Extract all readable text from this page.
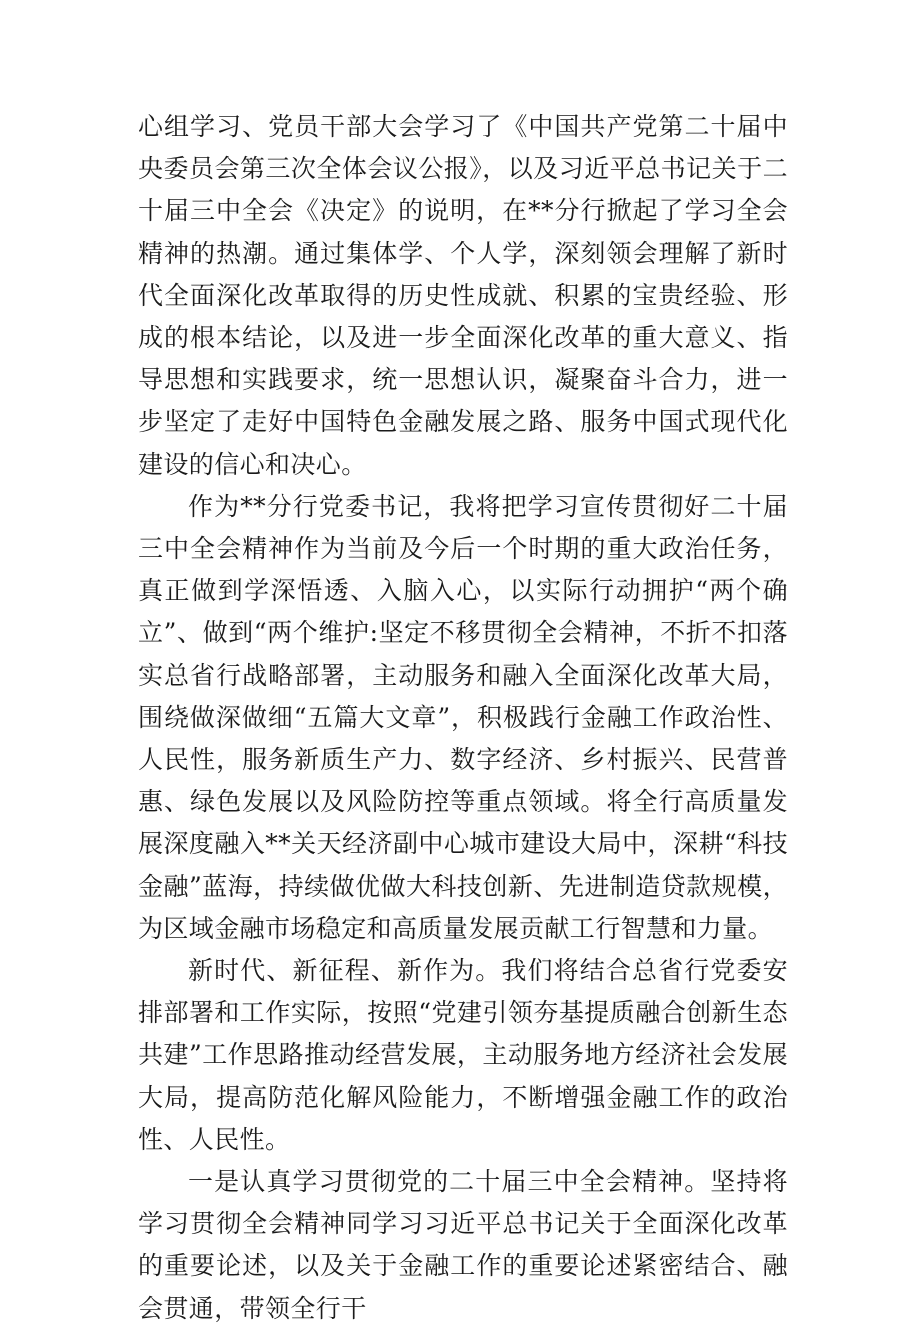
心组学习、党员干部大会学习了《中国共产党第二十届中央委员会第三次全体会议公报》，以及习近平总书记关于二十届三中全会《决定》的说明，在**分行掀起了学习全会精神的热潮。通过集体学、个人学，深刻领会理解了新时代全面深化改革取得的历史性成就、积累的宝贵经验、形成的根本结论，以及进一步全面深化改革的重大意义、指导思想和实践要求，统一思想认识，凝聚奋斗合力，进一步坚定了走好中国特色金融发展之路、服务中国式现代化建设的信心和决心。

作为**分行党委书记，我将把学习宣传贯彻好二十届三中全会精神作为当前及今后一个时期的重大政治任务，真正做到学深悟透、入脑入心，以实际行动拥护“两个确立”、做到“两个维护:坚定不移贯彻全会精神，不折不扣落实总省行战略部署，主动服务和融入全面深化改革大局，围绕做深做细“五篇大文章”，积极践行金融工作政治性、人民性，服务新质生产力、数字经济、乡村振兴、民营普惠、绿色发展以及风险防控等重点领域。将全行高质量发展深度融入**关天经济副中心城市建设大局中，深耕“科技金融”蓝海，持续做优做大科技创新、先进制造贷款规模，为区域金融市场稳定和高质量发展贡献工行智慧和力量。

新时代、新征程、新作为。我们将结合总省行党委安排部署和工作实际，按照“党建引领夯基提质融合创新生态共建”工作思路推动经营发展，主动服务地方经济社会发展大局，提高防范化解风险能力，不断增强金融工作的政治性、人民性。

一是认真学习贯彻党的二十届三中全会精神。坚持将学习贯彻全会精神同学习习近平总书记关于全面深化改革的重要论述，以及关于金融工作的重要论述紧密结合、融会贯通，带领全行干
